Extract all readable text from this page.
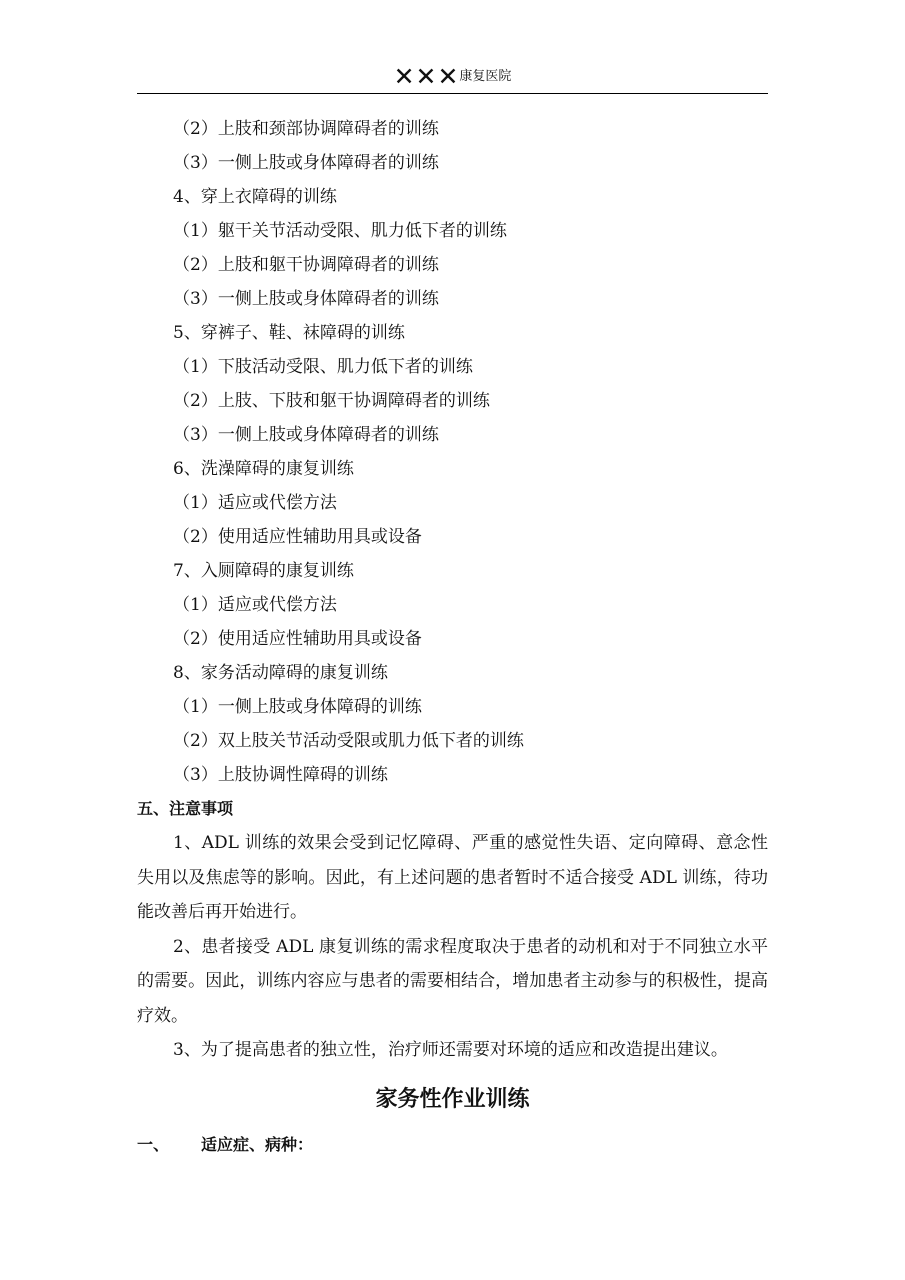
✕✕✕康复医院
（2）上肢和颈部协调障碍者的训练
（3）一侧上肢或身体障碍者的训练
4、穿上衣障碍的训练
（1）躯干关节活动受限、肌力低下者的训练
（2）上肢和躯干协调障碍者的训练
（3）一侧上肢或身体障碍者的训练
5、穿裤子、鞋、袜障碍的训练
（1）下肢活动受限、肌力低下者的训练
（2）上肢、下肢和躯干协调障碍者的训练
（3）一侧上肢或身体障碍者的训练
6、洗澡障碍的康复训练
（1）适应或代偿方法
（2）使用适应性辅助用具或设备
7、入厕障碍的康复训练
（1）适应或代偿方法
（2）使用适应性辅助用具或设备
8、家务活动障碍的康复训练
（1）一侧上肢或身体障碍的训练
（2）双上肢关节活动受限或肌力低下者的训练
（3）上肢协调性障碍的训练
五、注意事项
1、ADL 训练的效果会受到记忆障碍、严重的感觉性失语、定向障碍、意念性失用以及焦虑等的影响。因此，有上述问题的患者暂时不适合接受 ADL 训练，待功能改善后再开始进行。
2、患者接受 ADL 康复训练的需求程度取决于患者的动机和对于不同独立水平的需要。因此，训练内容应与患者的需要相结合，增加患者主动参与的积极性，提高疗效。
3、为了提高患者的独立性，治疗师还需要对环境的适应和改造提出建议。
家务性作业训练
一、 适应症、病种：
